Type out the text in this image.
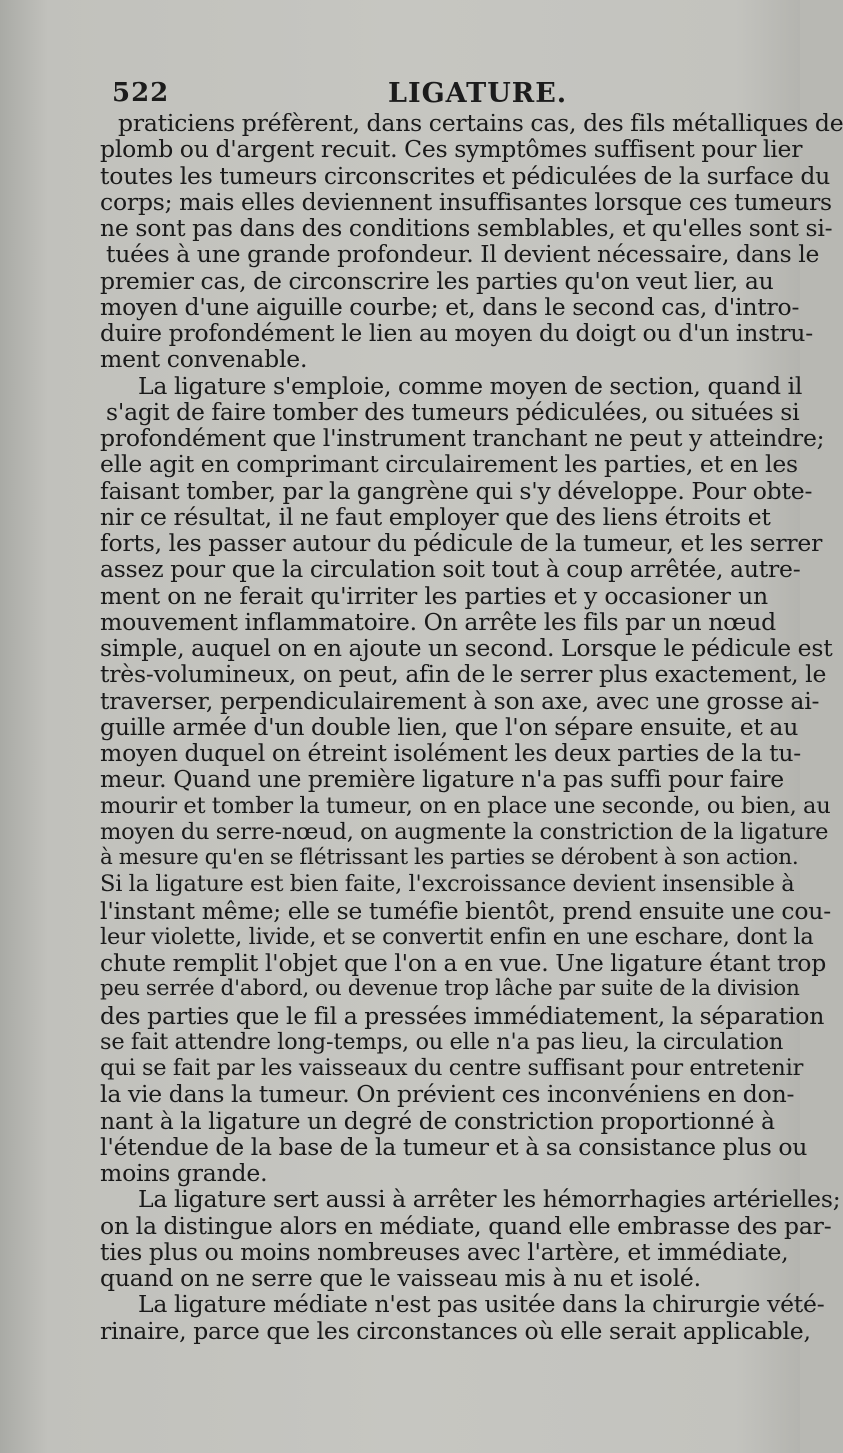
522	LIGATURE.
praticiens préfèrent, dans certains cas, des fils métalliques de
plomb ou d'argent recuit. Ces symptômes suffisent pour lier
toutes les tumeurs circonscrites et pédiculées de la surface du
corps; mais elles deviennent insuffisantes lorsque ces tumeurs
ne sont pas dans des conditions semblables, et qu'elles sont si-
tuées à une grande profondeur. Il devient nécessaire, dans le
premier cas, de circonscrire les parties qu'on veut lier, au
moyen d'une aiguille courbe; et, dans le second cas, d'intro-
duire profondément le lien au moyen du doigt ou d'un instru-
ment convenable.
La ligature s'emploie, comme moyen de section, quand il
s'agit de faire tomber des tumeurs pédiculées, ou situées si
profondément que l'instrument tranchant ne peut y atteindre;
elle agit en comprimant circulairement les parties, et en les
faisant tomber, par la gangrène qui s'y développe. Pour obte-
nir ce résultat, il ne faut employer que des liens étroits et
forts, les passer autour du pédicule de la tumeur, et les serrer
assez pour que la circulation soit tout à coup arrêtée, autre-
ment on ne ferait qu'irriter les parties et y occasioner un
mouvement inflammatoire. On arrête les fils par un nœud
simple, auquel on en ajoute un second. Lorsque le pédicule est
très-volumineux, on peut, afin de le serrer plus exactement, le
traverser, perpendiculairement à son axe, avec une grosse ai-
guille armée d'un double lien, que l'on sépare ensuite, et au
moyen duquel on étreint isolément les deux parties de la tu-
meur. Quand une première ligature n'a pas suffi pour faire
mourir et tomber la tumeur, on en place une seconde, ou bien, au
moyen du serre-nœud, on augmente la constriction de la ligature
à mesure qu'en se flétrissant les parties se dérobent à son action.
Si la ligature est bien faite, l'excroissance devient insensible à
l'instant même; elle se tuméfie bientôt, prend ensuite une cou-
leur violette, livide, et se convertit enfin en une eschare, dont la
chute remplit l'objet que l'on a en vue. Une ligature étant trop
peu serrée d'abord, ou devenue trop lâche par suite de la division
des parties que le fil a pressées immédiatement, la séparation
se fait attendre long-temps, ou elle n'a pas lieu, la circulation
qui se fait par les vaisseaux du centre suffisant pour entretenir
la vie dans la tumeur. On prévient ces inconvéniens en don-
nant à la ligature un degré de constriction proportionné à
l'étendue de la base de la tumeur et à sa consistance plus ou
moins grande.
La ligature sert aussi à arrêter les hémorrhagies artérielles;
on la distingue alors en médiate, quand elle embrasse des par-
ties plus ou moins nombreuses avec l'artère, et immédiate,
quand on ne serre que le vaisseau mis à nu et isolé.
La ligature médiate n'est pas usitée dans la chirurgie vété-
rinaire, parce que les circonstances où elle serait applicable,
